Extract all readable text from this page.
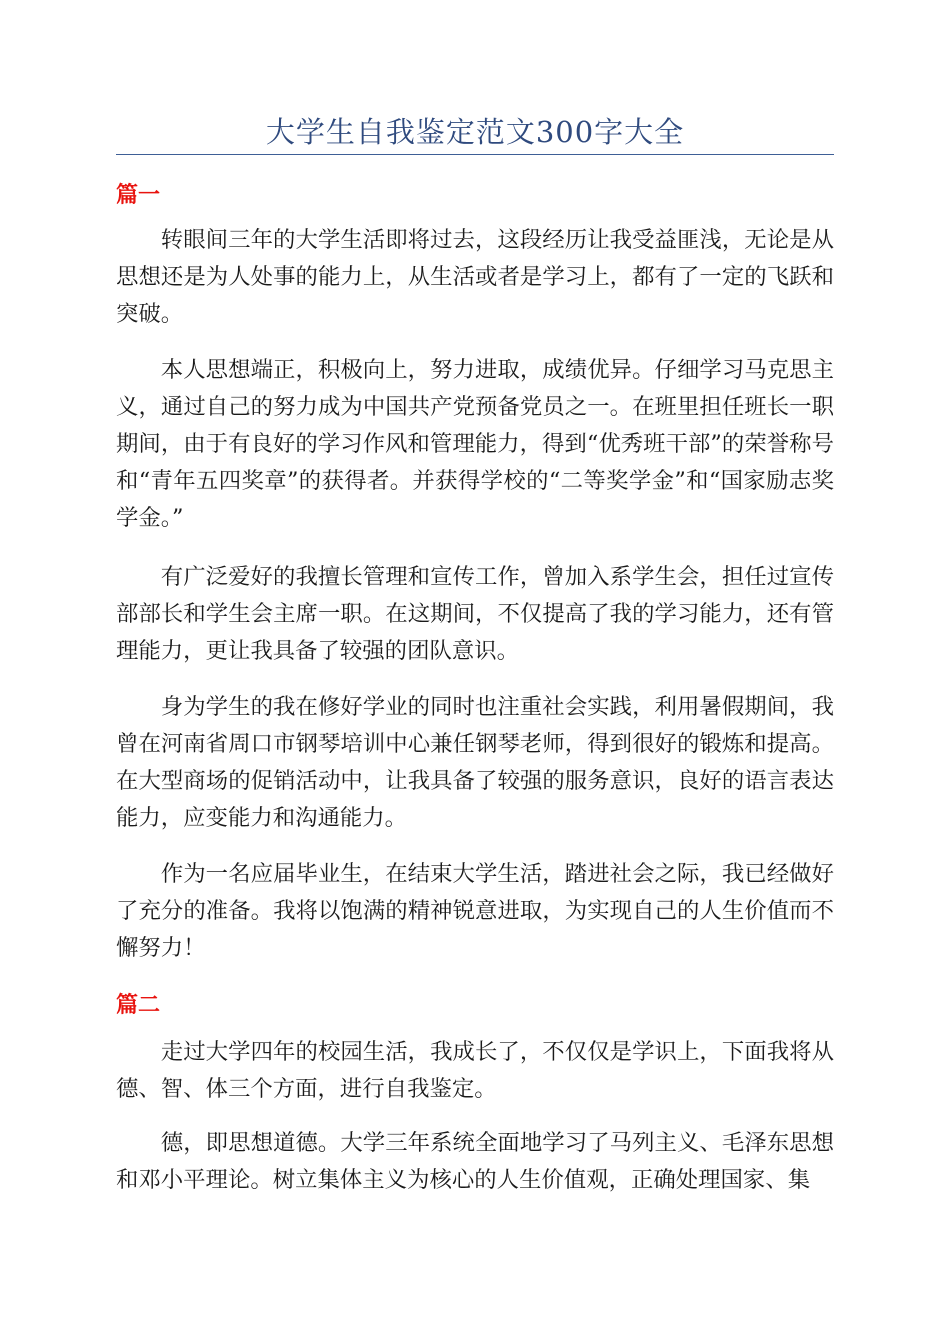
大学生自我鉴定范文300字大全
篇一

转眼间三年的大学生活即将过去，这段经历让我受益匪浅，无论是从思想还是为人处事的能力上，从生活或者是学习上，都有了一定的飞跃和突破。

本人思想端正，积极向上，努力进取，成绩优异。仔细学习马克思主义，通过自己的努力成为中国共产党预备党员之一。在班里担任班长一职期间，由于有良好的学习作风和管理能力，得到“优秀班干部”的荣誉称号和“青年五四奖章”的获得者。并获得学校的“二等奖学金”和“国家励志奖学金。”

有广泛爱好的我擅长管理和宣传工作，曾加入系学生会，担任过宣传部部长和学生会主席一职。在这期间，不仅提高了我的学习能力，还有管理能力，更让我具备了较强的团队意识。

身为学生的我在修好学业的同时也注重社会实践，利用暑假期间，我曾在河南省周口市钢琴培训中心兼任钢琴老师，得到很好的锻炼和提高。在大型商场的促销活动中，让我具备了较强的服务意识，良好的语言表达能力，应变能力和沟通能力。

作为一名应届毕业生，在结束大学生活，踏进社会之际，我已经做好了充分的准备。我将以饱满的精神锐意进取，为实现自己的人生价值而不懈努力！

篇二

走过大学四年的校园生活，我成长了，不仅仅是学识上，下面我将从德、智、体三个方面，进行自我鉴定。

德，即思想道德。大学三年系统全面地学习了马列主义、毛泽东思想和邓小平理论。树立集体主义为核心的人生价值观，正确处理国家、集
